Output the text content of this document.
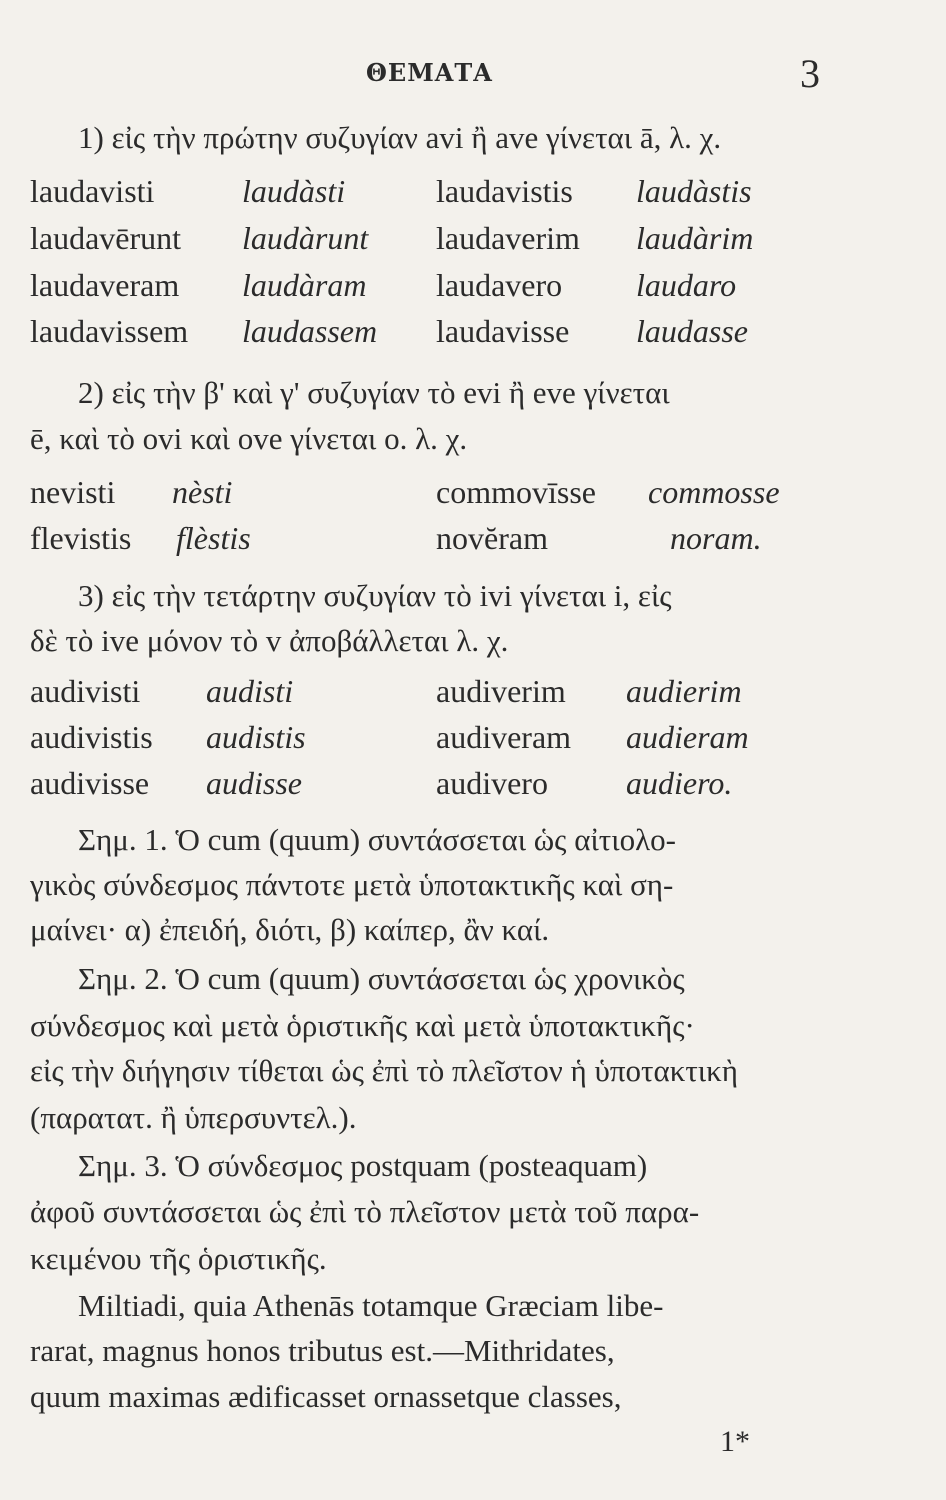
ΘΕΜΑΤΑ	3
1) εἰς τὴν πρώτην συζυγίαν avi ἢ ave γίνεται ā, λ. χ.
laudavisti	laudàsti	laudavistis laudàstis
laudavērunt laudàrunt laudaverim laudàrim
laudaveram laudàram laudavero laudaro
laudavissem laudassem laudavisse laudasse
2) εἰς τὴν β' καὶ γ' συζυγίαν τὸ evi ἢ eve γίνεται
ē, καὶ τὸ ovi καὶ ove γίνεται o. λ. χ.
nevisti nèsti	commovīsse commosse
flevistis flèstis	novĕram	noram.
3) εἰς τὴν τετάρτην συζυγίαν τὸ ivi γίνεται i, εἰς
δὲ τὸ ive μόνον τὸ v ἀποβάλλεται λ. χ.
audivisti audisti	audiverim audierim
audivistis audistis	audiveram audieram
audivisse audisse	audivero audiero.
Σημ. 1. Ὁ cum (quum) συντάσσεται ὡς αἰτιολο-
γικὸς σύνδεσμος πάντοτε μετὰ ὑποτακτικῆς καὶ ση-
μαίνει· α) ἐπειδή, διότι, β) καίπερ, ἂν καί.
Σημ. 2. Ὁ cum (quum) συντάσσεται ὡς χρονικὸς
σύνδεσμος καὶ μετὰ ὁριστικῆς καὶ μετὰ ὑποτακτικῆς·
εἰς τὴν διήγησιν τίθεται ὡς ἐπὶ τὸ πλεῖστον ἡ ὑποτακτικὴ
(παρατατ. ἢ ὑπερσυντελ.).
Σημ. 3. Ὁ σύνδεσμος postquam (posteaquam)
ἀφοῦ συντάσσεται ὡς ἐπὶ τὸ πλεῖστον μετὰ τοῦ παρα-
κειμένου τῆς ὁριστικῆς.
Miltiadi, quia Athenās totamque Græciam libe-
rarat, magnus honos tributus est.—Mithridates,
quum maximas ædificasset ornassetque classes,
1*
